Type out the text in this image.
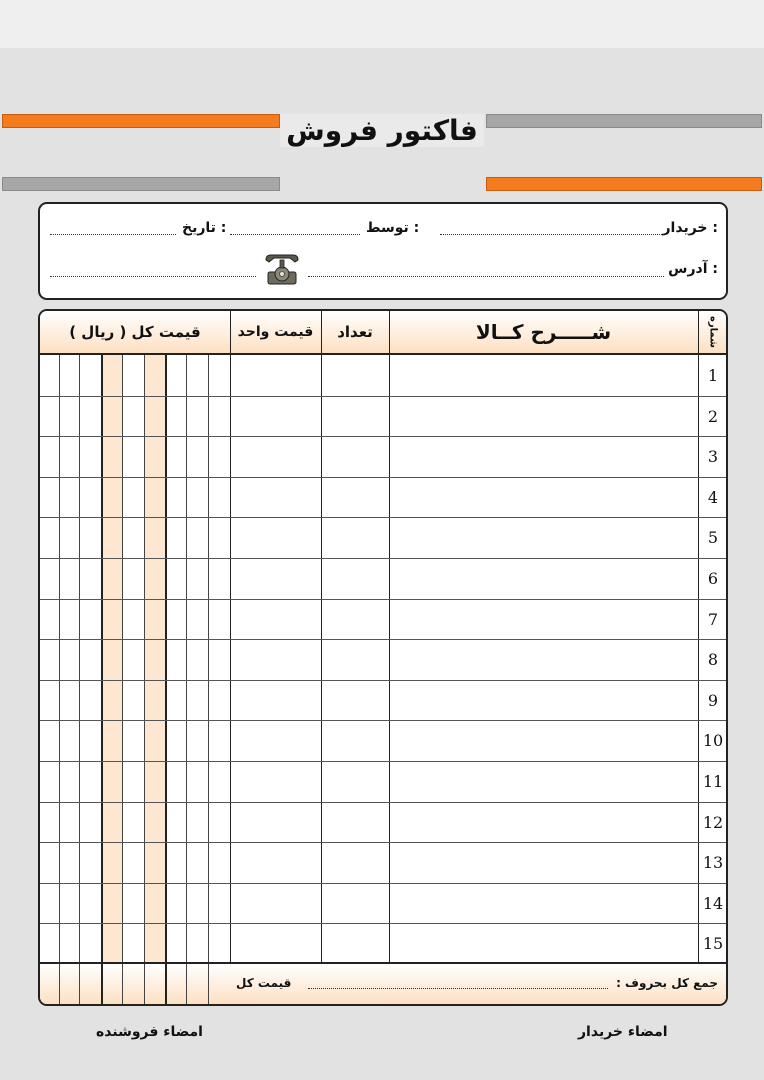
فاکتور فروش
خریدار :
توسط :
تاریخ :
آدرس :
شماره
شـــــرح کــالا
تعداد
قیمت واحد
قیمت کل ( ریال )
1
2
3
4
5
6
7
8
9
10
11
12
13
14
15
جمع کل بحروف :
قیمت کل
امضاء خریدار
امضاء فروشنده
